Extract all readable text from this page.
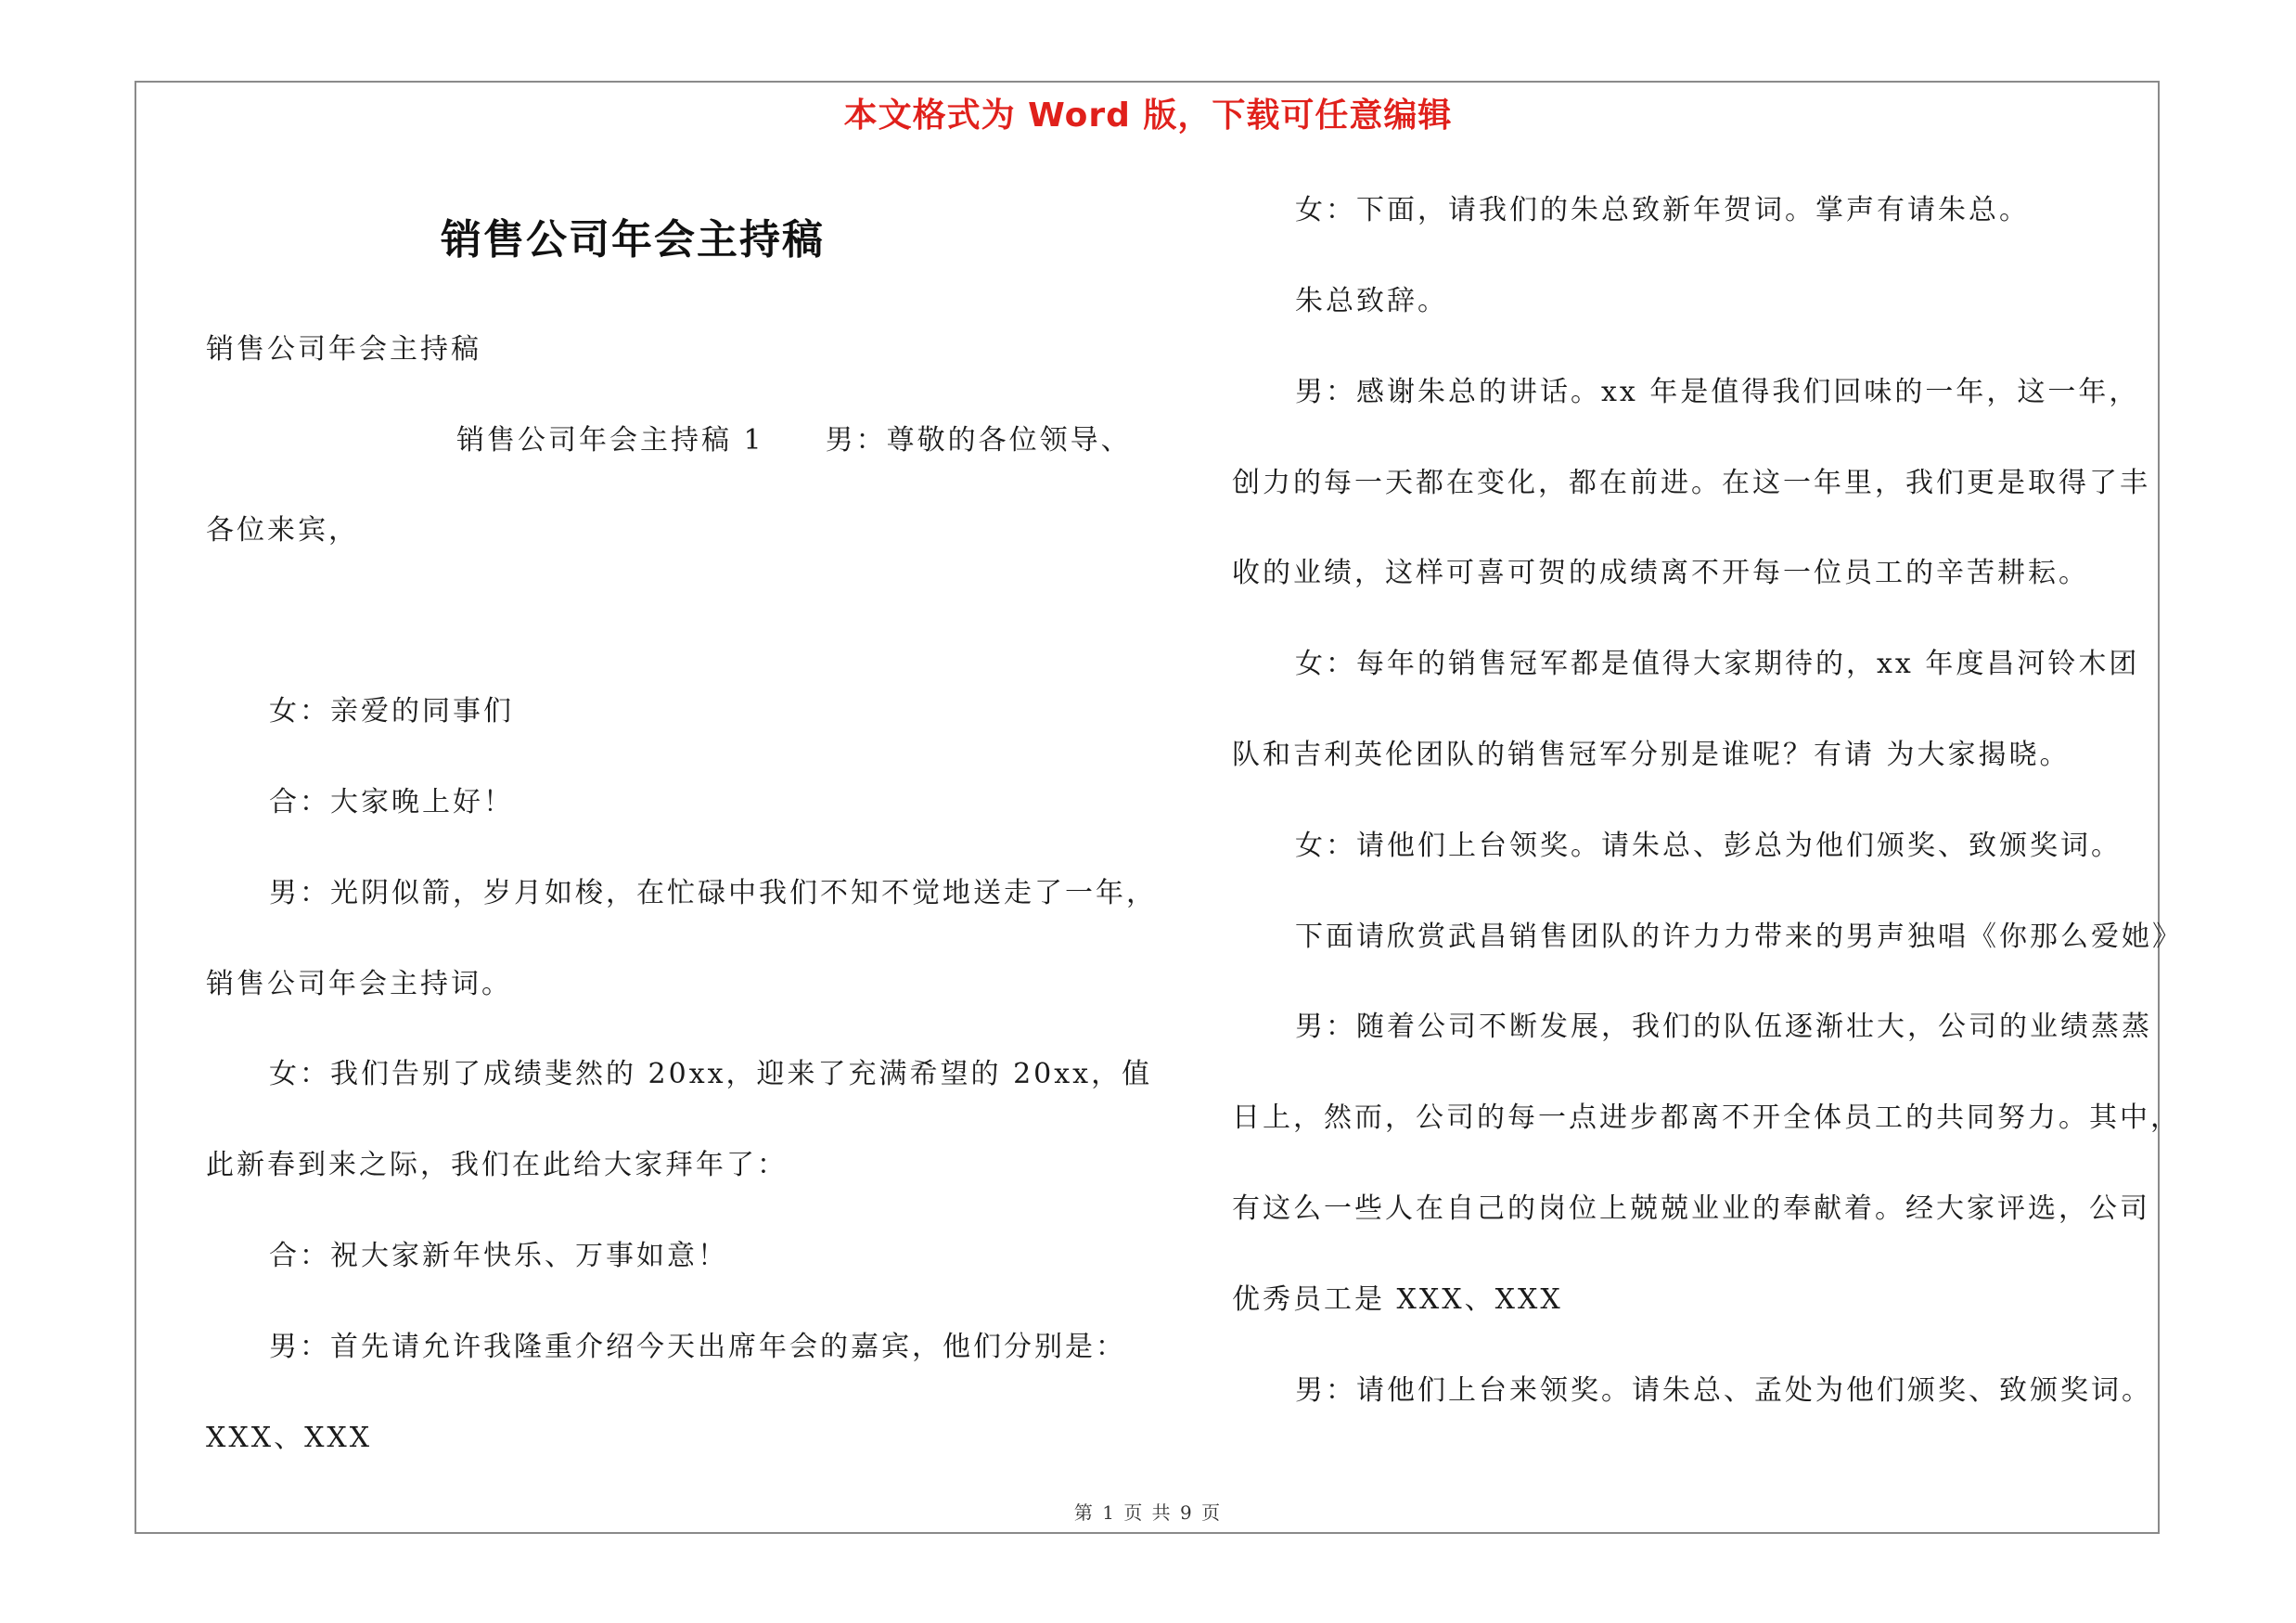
本文格式为 Word 版，下载可任意编辑
销售公司年会主持稿
销售公司年会主持稿
销售公司年会主持稿 1　　男：尊敬的各位领导、
各位来宾，
女：亲爱的同事们
合：大家晚上好！
男：光阴似箭，岁月如梭，在忙碌中我们不知不觉地送走了一年，
销售公司年会主持词。
女：我们告别了成绩斐然的 20xx，迎来了充满希望的 20xx，值
此新春到来之际，我们在此给大家拜年了：
合：祝大家新年快乐、万事如意！
男：首先请允许我隆重介绍今天出席年会的嘉宾，他们分别是：
XXX、XXX
女：下面，请我们的朱总致新年贺词。掌声有请朱总。
朱总致辞。
男：感谢朱总的讲话。xx 年是值得我们回味的一年，这一年，
创力的每一天都在变化，都在前进。在这一年里，我们更是取得了丰
收的业绩，这样可喜可贺的成绩离不开每一位员工的辛苦耕耘。
女：每年的销售冠军都是值得大家期待的，xx 年度昌河铃木团
队和吉利英伦团队的销售冠军分别是谁呢？有请 为大家揭晓。
女：请他们上台领奖。请朱总、彭总为他们颁奖、致颁奖词。
下面请欣赏武昌销售团队的许力力带来的男声独唱《你那么爱她》
男：随着公司不断发展，我们的队伍逐渐壮大，公司的业绩蒸蒸
日上，然而，公司的每一点进步都离不开全体员工的共同努力。其中，
有这么一些人在自己的岗位上兢兢业业的奉献着。经大家评选，公司
优秀员工是 XXX、XXX
男：请他们上台来领奖。请朱总、孟处为他们颁奖、致颁奖词。
第 1 页 共 9 页
